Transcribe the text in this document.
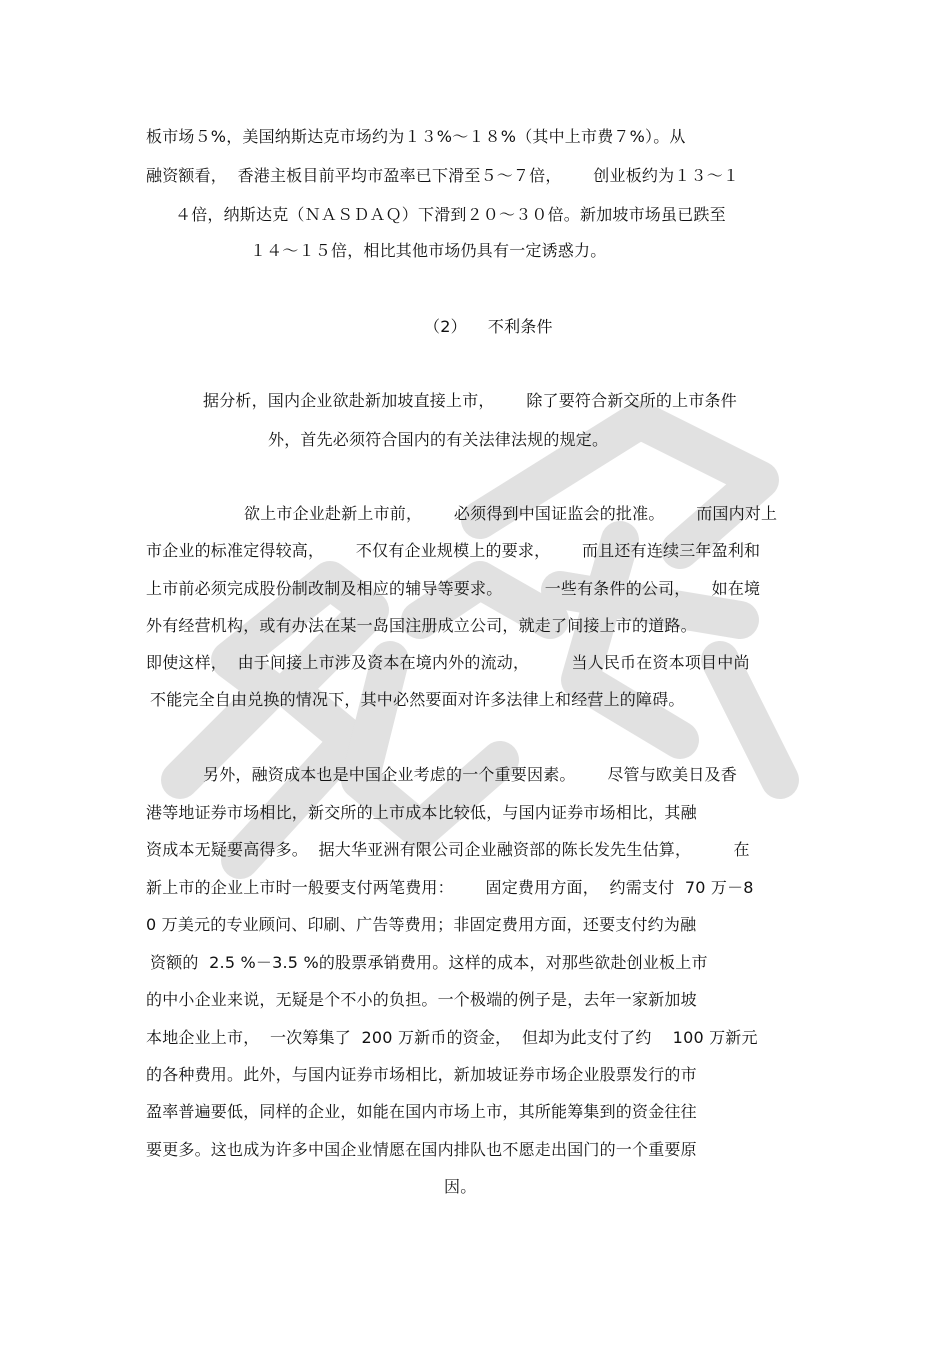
板市场５%，美国纳斯达克市场约为１３%～１８%（其中上市费７%）。从
融资额看，  香港主板目前平均市盈率已下滑至５～７倍，      创业板约为１３～１
４倍，纳斯达克（ＮＡＳＤＡＱ）下滑到２０～３０倍。新加坡市场虽已跌至
１４～１５倍，相比其他市场仍具有一定诱惑力。
（2）    不利条件
据分析，国内企业欲赴新加坡直接上市，      除了要符合新交所的上市条件
外，首先必须符合国内的有关法律法规的规定。
欲上市企业赴新上市前，      必须得到中国证监会的批准。      而国内对上
市企业的标准定得较高，      不仅有企业规模上的要求，      而且还有连续三年盈利和
上市前必须完成股份制改制及相应的辅导等要求。        一些有条件的公司，    如在境
外有经营机构，或有办法在某一岛国注册成立公司，就走了间接上市的道路。
即使这样，  由于间接上市涉及资本在境内外的流动，        当人民币在资本项目中尚
不能完全自由兑换的情况下，其中必然要面对许多法律上和经营上的障碍。
另外，融资成本也是中国企业考虑的一个重要因素。      尽管与欧美日及香
港等地证券市场相比，新交所的上市成本比较低，与国内证券市场相比，其融
资成本无疑要高得多。  据大华亚洲有限公司企业融资部的陈长发先生估算，        在
新上市的企业上市时一般要支付两笔费用：      固定费用方面，  约需支付  70 万－8
0 万美元的专业顾问、印刷、广告等费用；非固定费用方面，还要支付约为融
资额的  2.5 %－3.5 %的股票承销费用。这样的成本，对那些欲赴创业板上市
的中小企业来说，无疑是个不小的负担。一个极端的例子是，去年一家新加坡
本地企业上市，  一次筹集了  200 万新币的资金，  但却为此支付了约    100 万新元
的各种费用。此外，与国内证券市场相比，新加坡证券市场企业股票发行的市
盈率普遍要低，同样的企业，如能在国内市场上市，其所能筹集到的资金往往
要更多。这也成为许多中国企业情愿在国内排队也不愿走出国门的一个重要原
因。
